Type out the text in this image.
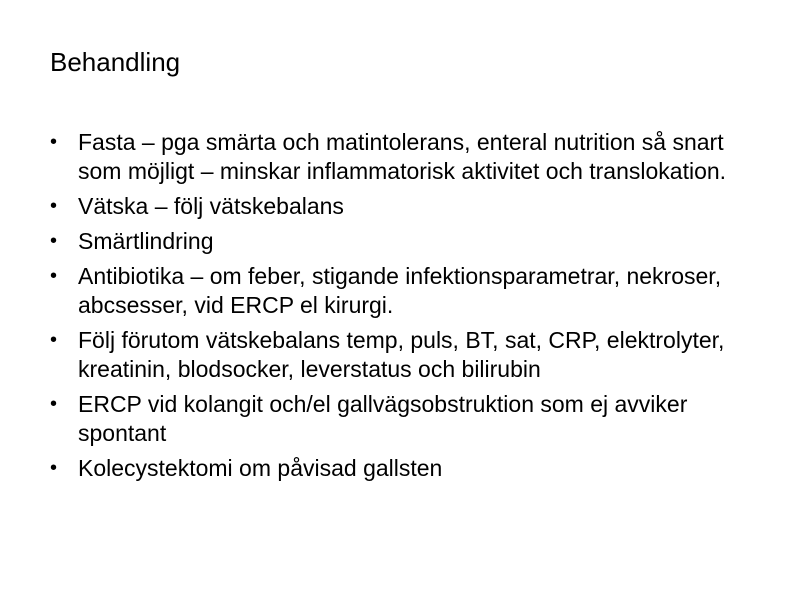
Behandling
• Fasta – pga smärta och matintolerans, enteral nutrition så snart som möjligt – minskar inflammatorisk aktivitet och translokation.
• Vätska – följ vätskebalans
• Smärtlindring
• Antibiotika – om feber, stigande infektionsparametrar, nekroser, abcsesser, vid ERCP el kirurgi.
• Följ förutom vätskebalans temp, puls, BT, sat, CRP, elektrolyter, kreatinin, blodsocker, leverstatus och bilirubin
• ERCP vid kolangit och/el gallvägsobstruktion som ej avviker spontant
• Kolecystektomi om påvisad gallsten
